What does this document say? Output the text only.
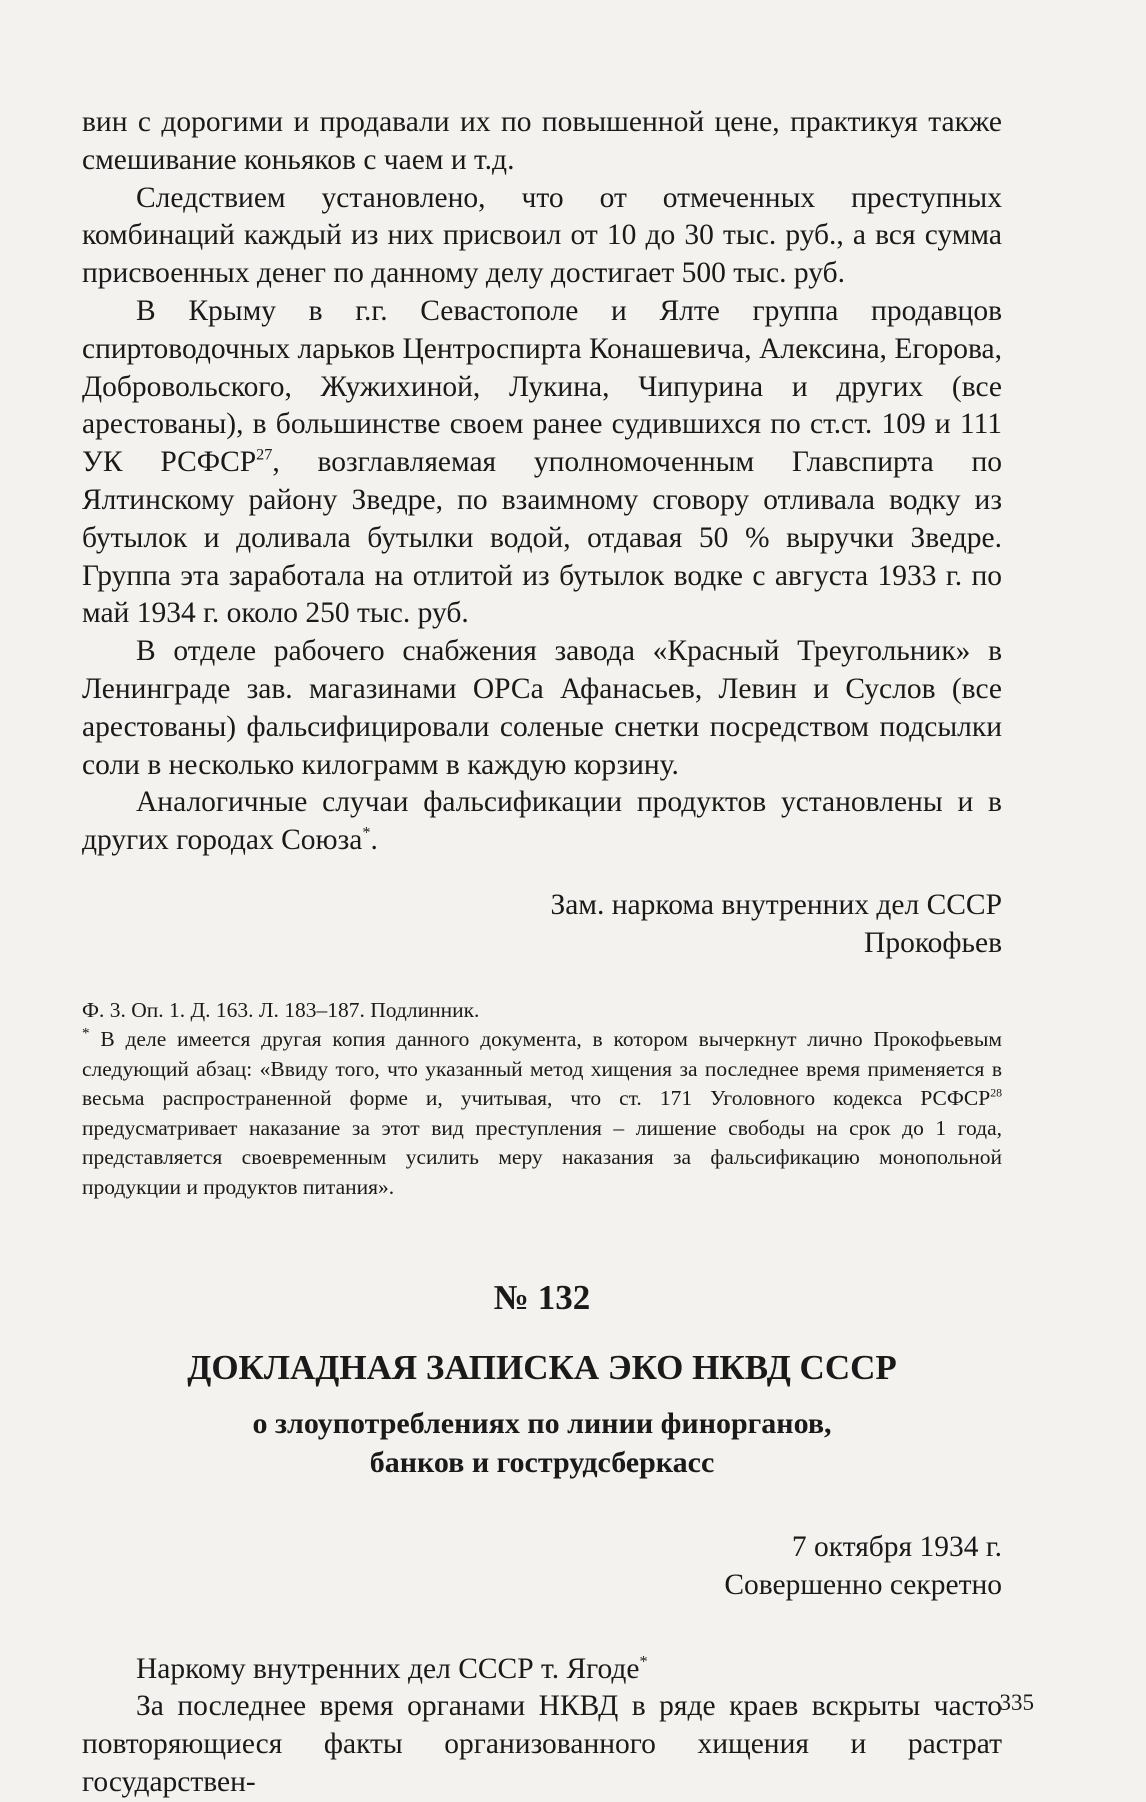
вин с дорогими и продавали их по повышенной цене, практикуя также смешивание коньяков с чаем и т.д.

Следствием установлено, что от отмеченных преступных комбинаций каждый из них присвоил от 10 до 30 тыс. руб., а вся сумма присвоенных денег по данному делу достигает 500 тыс. руб.

В Крыму в г.г. Севастополе и Ялте группа продавцов спиртоводочных ларьков Центроспирта Конашевича, Алексина, Егорова, Добровольского, Жужихиной, Лукина, Чипурина и других (все арестованы), в большинстве своем ранее судившихся по ст.ст. 109 и 111 УК РСФСР$^{27}$, возглавляемая уполномоченным Главспирта по Ялтинскому району Зведре, по взаимному сговору отливала водку из бутылок и доливала бутылки водой, отдавая 50 % выручки Зведре. Группа эта заработала на отлитой из бутылок водке с августа 1933 г. по май 1934 г. около 250 тыс. руб.

В отделе рабочего снабжения завода «Красный Треугольник» в Ленинграде зав. магазинами ОРСа Афанасьев, Левин и Суслов (все арестованы) фальсифицировали соленые снетки посредством подсылки соли в несколько килограмм в каждую корзину.

Аналогичные случаи фальсификации продуктов установлены и в других городах Союза*.

Зам. наркома внутренних дел СССР
Прокофьев

Ф. 3. Оп. 1. Д. 163. Л. 183–187. Подлинник.

* В деле имеется другая копия данного документа, в котором вычеркнут лично Прокофьевым следующий абзац: «Ввиду того, что указанный метод хищения за последнее время применяется в весьма распространенной форме и, учитывая, что ст. 171 Уголовного кодекса РСФСР$^{28}$ предусматривает наказание за этот вид преступления – лишение свободы на срок до 1 года, представляется своевременным усилить меру наказания за фальсификацию монопольной продукции и продуктов питания».

№ 132
ДОКЛАДНАЯ ЗАПИСКА ЭКО НКВД СССР
о злоупотреблениях по линии финорганов,
банков и гострудсберкасс
7 октября 1934 г.
Совершенно секретно
Наркому внутренних дел СССР т. Ягоде*

За последнее время органами НКВД в ряде краев вскрыты часто повторяющиеся факты организованного хищения и растрат государствен-

335
